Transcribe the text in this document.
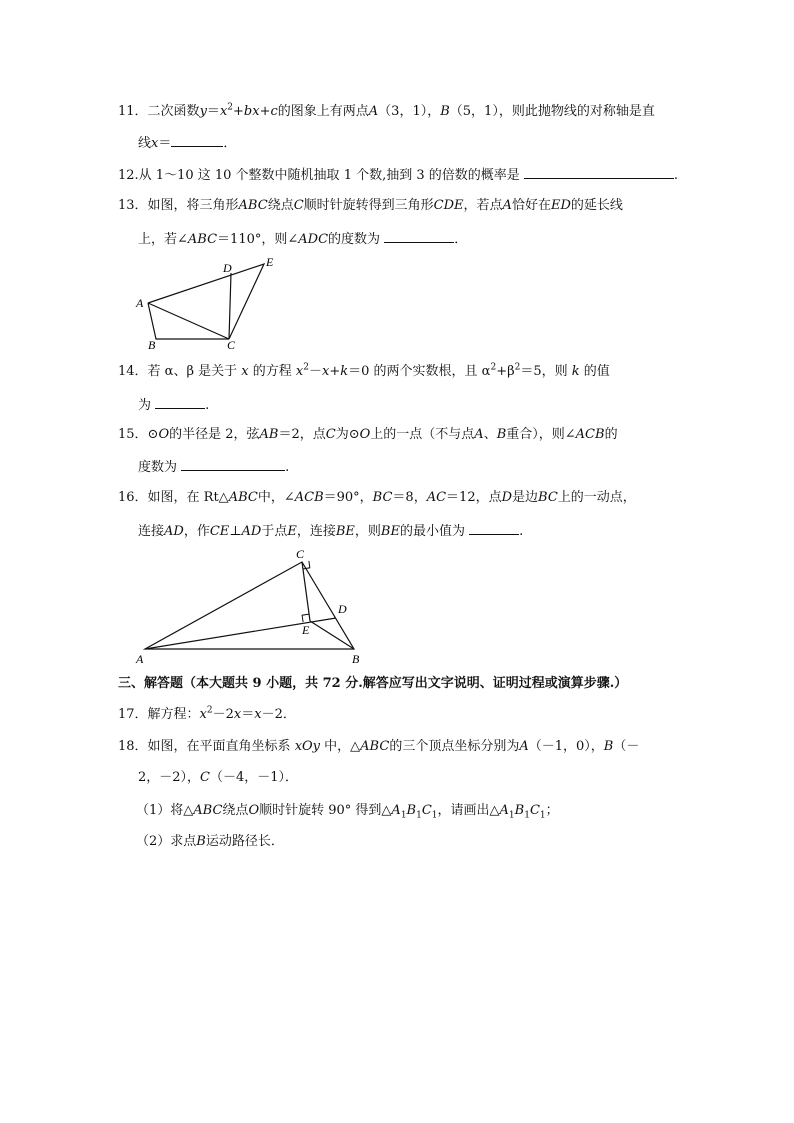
11．二次函数$y=x^2+bx+c$的图象上有两点A（3，1），B（5，1），则此抛物线的对称轴是直
线x＝	．
12.从 1～10 这 10 个整数中随机抽取 1 个数,抽到 3 的倍数的概率是	.
13．如图，将三角形ABC绕点C顺时针旋转得到三角形CDE，若点A恰好在ED的延长线
上，若∠ABC＝110°，则∠ADC的度数为	．
A
B	C
D	E
14．若 α、β 是关于 x 的方程 $x^2-x+k=0$ 的两个实数根，且 $\alpha^2+\beta^2=5$，则 k 的值
为	.
15．⊙O的半径是 2，弦AB＝2，点C为⊙O上的一点（不与点A、B重合），则∠ACB的
度数为	.
16．如图，在 Rt△ABC中，∠ACB＝90°，BC＝8，AC＝12，点D是边BC上的一动点，
连接AD，作CE⊥AD于点E，连接BE，则BE的最小值为	.
A	B
C
D
E
三、解答题（本大题共 9 小题，共 72 分.解答应写出文字说明、证明过程或演算步骤.）
17．解方程：$x^2-2x=x-2$．
18．如图，在平面直角坐标系 xOy 中，△ABC的三个顶点坐标分别为A（－1，0），B（－
2，－2），C（－4，－1）．
（1）将△ABC绕点O顺时针旋转 90° 得到$\triangle A_1B_1C_1$，请画出$\triangle A_1B_1C_1$；
（2）求点B运动路径长．
